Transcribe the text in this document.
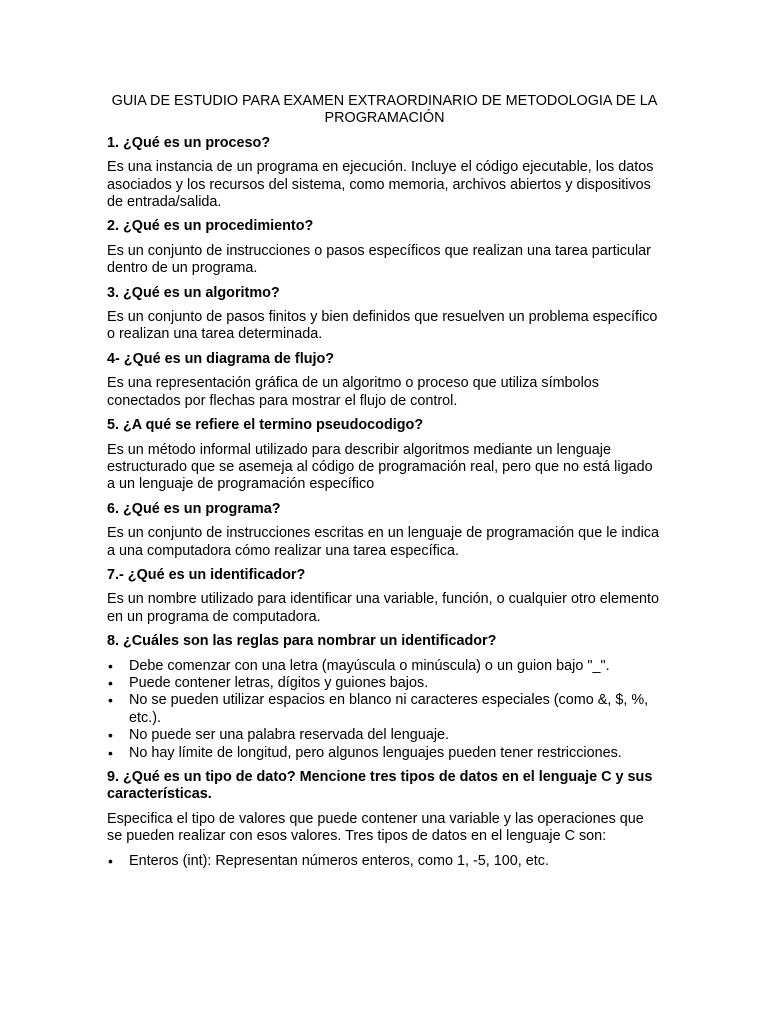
GUIA DE ESTUDIO PARA EXAMEN EXTRAORDINARIO DE METODOLOGIA DE LA PROGRAMACIÓN

1. ¿Qué es un proceso?

Es una instancia de un programa en ejecución. Incluye el código ejecutable, los datos asociados y los recursos del sistema, como memoria, archivos abiertos y dispositivos de entrada/salida.

2. ¿Qué es un procedimiento?

Es un conjunto de instrucciones o pasos específicos que realizan una tarea particular dentro de un programa.

3. ¿Qué es un algoritmo?

Es un conjunto de pasos finitos y bien definidos que resuelven un problema específico o realizan una tarea determinada.

4- ¿Qué es un diagrama de flujo?

Es una representación gráfica de un algoritmo o proceso que utiliza símbolos conectados por flechas para mostrar el flujo de control.

5. ¿A qué se refiere el termino pseudocodigo?

Es un método informal utilizado para describir algoritmos mediante un lenguaje estructurado que se asemeja al código de programación real, pero que no está ligado a un lenguaje de programación específico

6. ¿Qué es un programa?

Es un conjunto de instrucciones escritas en un lenguaje de programación que le indica a una computadora cómo realizar una tarea específica.

7.- ¿Qué es un identificador?

Es un nombre utilizado para identificar una variable, función, o cualquier otro elemento en un programa de computadora.

8. ¿Cuáles son las reglas para nombrar un identificador?

• Debe comenzar con una letra (mayúscula o minúscula) o un guion bajo "_".
• Puede contener letras, dígitos y guiones bajos.
• No se pueden utilizar espacios en blanco ni caracteres especiales (como &, $, %, etc.).
• No puede ser una palabra reservada del lenguaje.
• No hay límite de longitud, pero algunos lenguajes pueden tener restricciones.

9. ¿Qué es un tipo de dato? Mencione tres tipos de datos en el lenguaje C y sus características.

Especifica el tipo de valores que puede contener una variable y las operaciones que se pueden realizar con esos valores. Tres tipos de datos en el lenguaje C son:

• Enteros (int): Representan números enteros, como 1, -5, 100, etc.
